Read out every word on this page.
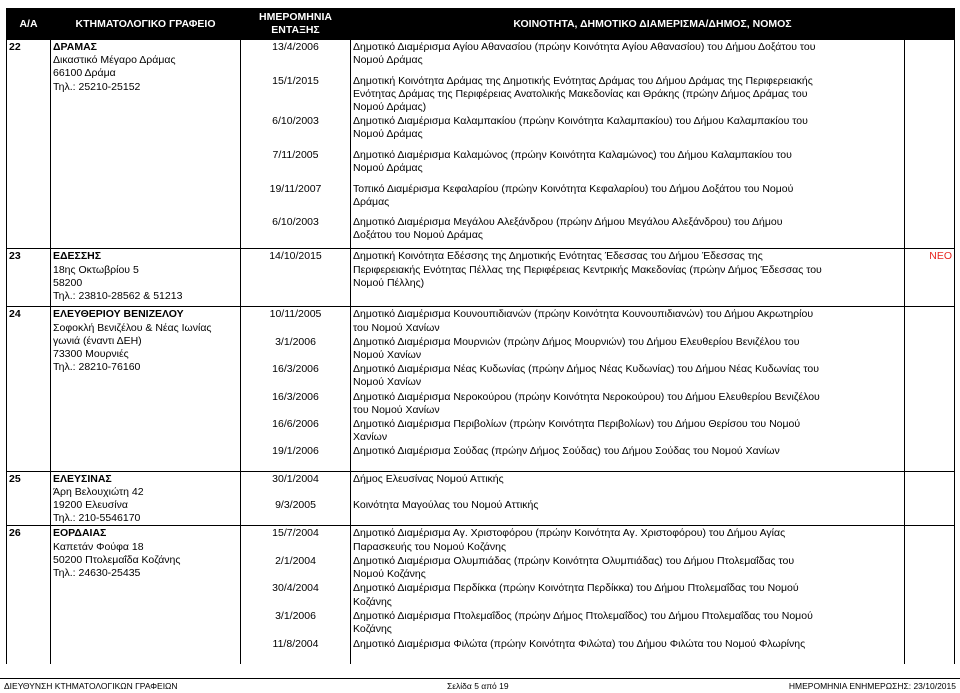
Α/Α	ΚΤΗΜΑΤΟΛΟΓΙΚΟ ΓΡΑΦΕΙΟ	ΗΜΕΡΟΜΗΝΙΑ ΕΝΤΑΞΗΣ	ΚΟΙΝΟΤΗΤΑ, ΔΗΜΟΤΙΚΟ ΔΙΑΜΕΡΙΣΜΑ/ΔΗΜΟΣ, ΝΟΜΟΣ	
22	ΔΡΑΜΑΣ
Δικαστικό Μέγαρο Δράμας
66100 Δράμα
Τηλ.: 25210-25152	13/4/2006	Δημοτικό Διαμέρισμα Αγίου Αθανασίου (πρώην Κοινότητα Αγίου Αθανασίου) του Δήμου Δοξάτου του
Νομού Δράμας	

		15/1/2015	Δημοτική Κοινότητα Δράμας της Δημοτικής Ενότητας Δράμας του Δήμου Δράμας της Περιφερειακής
Ενότητας Δράμας της Περιφέρειας Ανατολικής Μακεδονίας και Θράκης (πρώην Δήμος Δράμας του
Νομού Δράμας)	

		6/10/2003	Δημοτικό Διαμέρισμα Καλαμπακίου (πρώην Κοινότητα Καλαμπακίου) του Δήμου Καλαμπακίου του
Νομού Δράμας	

		7/11/2005	Δημοτικό Διαμέρισμα Καλαμώνος (πρώην Κοινότητα Καλαμώνος) του Δήμου Καλαμπακίου του
Νομού Δράμας	

		19/11/2007	Τοπικό Διαμέρισμα Κεφαλαρίου (πρώην Κοινότητα Κεφαλαρίου) του Δήμου Δοξάτου του Νομού
Δράμας	

		6/10/2003	Δημοτικό Διαμέρισμα Μεγάλου Αλεξάνδρου (πρώην Δήμου Μεγάλου Αλεξάνδρου) του Δήμου
Δοξάτου του Νομού Δράμας	

23	ΕΔΕΣΣΗΣ
18ης Οκτωβρίου 5
58200
Τηλ.: 23810-28562 & 51213	14/10/2015	Δημοτική Κοινότητα Εδέσσης της Δημοτικής Ενότητας Έδεσσας του Δήμου Έδεσσας της
Περιφερειακής Ενότητας Πέλλας της Περιφέρειας Κεντρικής Μακεδονίας (πρώην Δήμος Έδεσσας του
Νομού Πέλλης)	ΝΕΟ
24	ΕΛΕΥΘΕΡΙΟΥ ΒΕΝΙΖΕΛΟΥ
Σοφοκλή Βενιζέλου & Νέας Ιωνίας
γωνιά (έναντι ΔΕΗ)
73300 Μουρνιές
Τηλ.: 28210-76160	10/11/2005	Δημοτικό Διαμέρισμα Κουνουπιδιανών (πρώην Κοινότητα Κουνουπιδιανών) του Δήμου Ακρωτηρίου
του Νομού Χανίων	

		3/1/2006	Δημοτικό Διαμέρισμα Μουρνιών (πρώην Δήμος Μουρνιών) του Δήμου Ελευθερίου Βενιζέλου του
Νομού Χανίων	

		16/3/2006	Δημοτικό Διαμέρισμα Νέας Κυδωνίας (πρώην Δήμος Νέας Κυδωνίας) του Δήμου Νέας Κυδωνίας του
Νομού Χανίων	

		16/3/2006	Δημοτικό Διαμέρισμα Νεροκούρου (πρώην Κοινότητα Νεροκούρου) του Δήμου Ελευθερίου Βενιζέλου
του Νομού Χανίων	

		16/6/2006	Δημοτικό Διαμέρισμα Περιβολίων (πρώην Κοινότητα Περιβολίων) του Δήμου Θερίσου του Νομού
Χανίων	

		19/1/2006	Δημοτικό Διαμέρισμα Σούδας (πρώην Δήμος Σούδας) του Δήμου Σούδας του Νομού Χανίων	

25	ΕΛΕΥΣΙΝΑΣ
Άρη Βελουχιώτη 42
19200 Ελευσίνα
Τηλ.: 210-5546170	30/1/2004	Δήμος Ελευσίνας Νομού Αττικής	

		9/3/2005	Κοινότητα Μαγούλας του Νομού Αττικής	

26	ΕΟΡΔΑΙΑΣ
Καπετάν Φούφα 18
50200 Πτολεμαΐδα Κοζάνης
Τηλ.: 24630-25435	15/7/2004	Δημοτικό Διαμέρισμα Αγ. Χριστοφόρου (πρώην Κοινότητα Αγ. Χριστοφόρου) του Δήμου Αγίας
Παρασκευής του Νομού Κοζάνης	

		2/1/2004	Δημοτικό Διαμέρισμα Ολυμπιάδας (πρώην Κοινότητα Ολυμπιάδας) του Δήμου Πτολεμαΐδας του
Νομού Κοζάνης	

		30/4/2004	Δημοτικό Διαμέρισμα Περδίκκα (πρώην Κοινότητα Περδίκκα) του Δήμου Πτολεμαΐδας του Νομού
Κοζάνης	

		3/1/2006	Δημοτικό Διαμέρισμα Πτολεμαΐδος (πρώην Δήμος Πτολεμαΐδος) του Δήμου Πτολεμαΐδας του Νομού
Κοζάνης	

		11/8/2004	Δημοτικό Διαμέρισμα Φιλώτα (πρώην Κοινότητα Φιλώτα) του Δήμου Φιλώτα του Νομού Φλωρίνης	
ΔΙΕΥΘΥΝΣΗ ΚΤΗΜΑΤΟΛΟΓΙΚΩΝ ΓΡΑΦΕΙΩΝ	Σελίδα 5 από 19	ΗΜΕΡΟΜΗΝΙΑ ΕΝΗΜΕΡΩΣΗΣ: 23/10/2015
